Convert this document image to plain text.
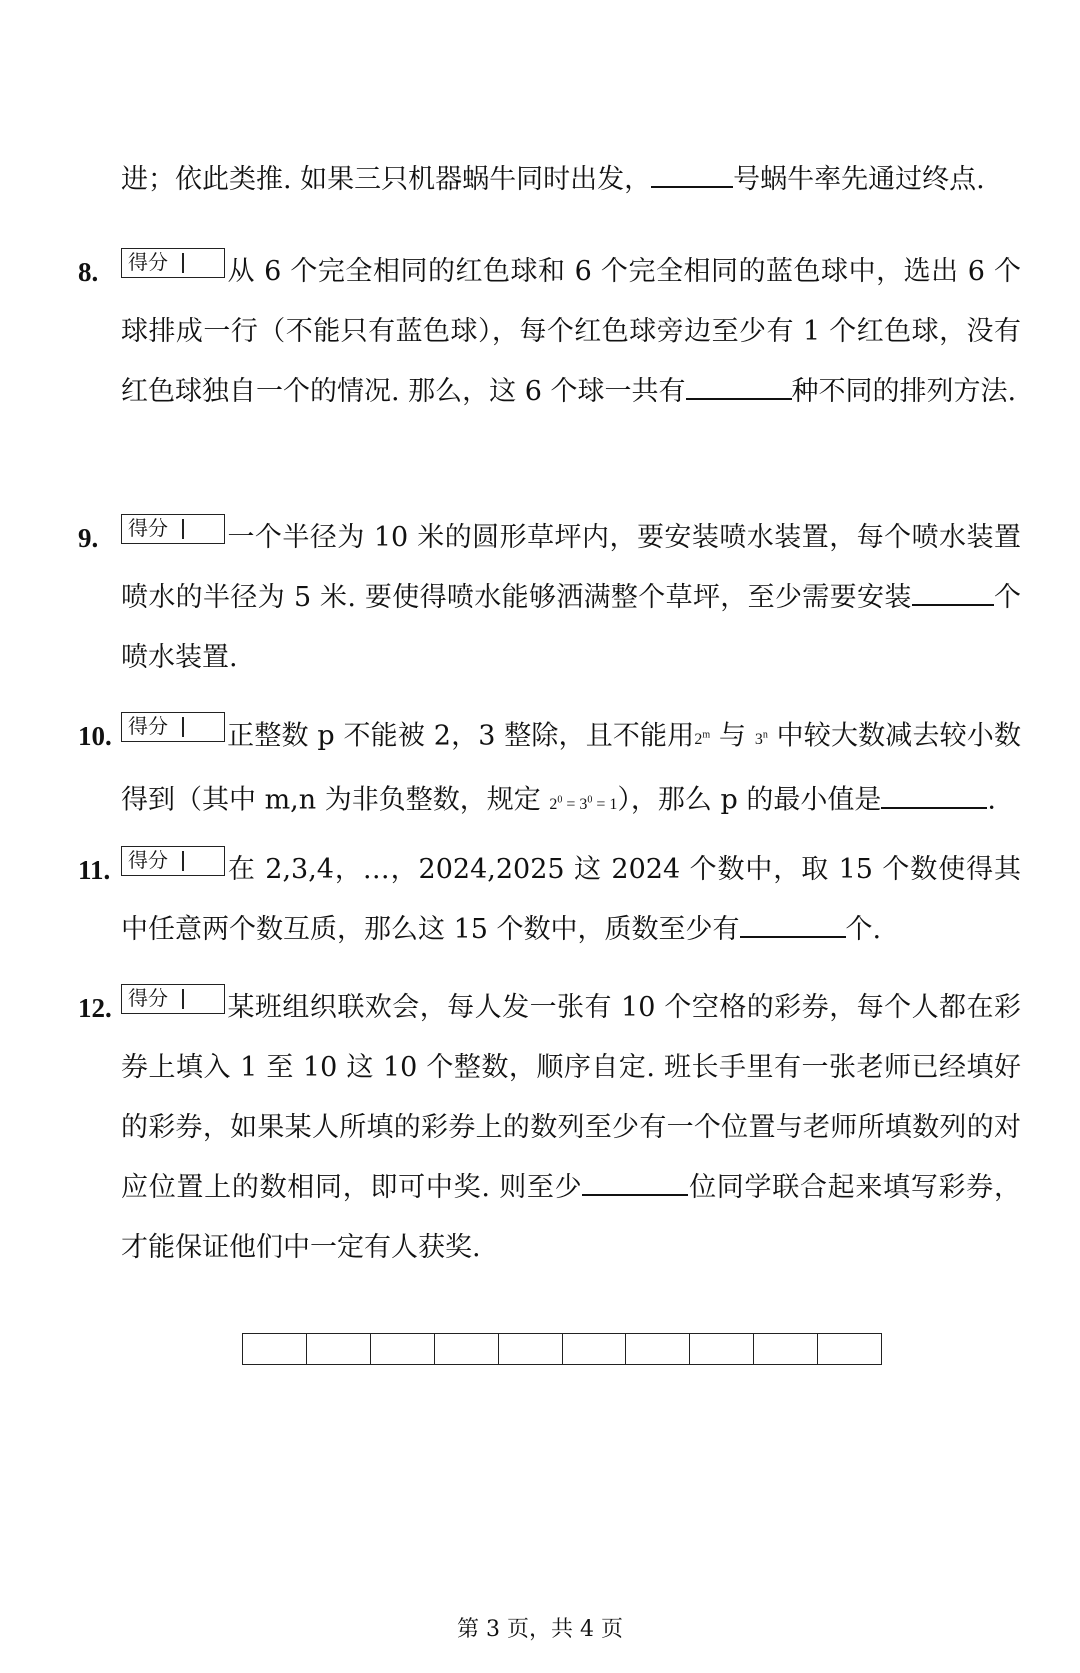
进；依此类推. 如果三只机器蜗牛同时出发，	号蜗牛率先通过终点.
8. 得分 从 6 个完全相同的红色球和 6 个完全相同的蓝色球中，选出 6 个球排成一行（不能只有蓝色球），每个红色球旁边至少有 1 个红色球，没有红色球独自一个的情况. 那么，这 6 个球一共有	种不同的排列方法.
9. 得分 一个半径为 10 米的圆形草坪内，要安装喷水装置，每个喷水装置喷水的半径为 5 米. 要使得喷水能够洒满整个草坪，至少需要安装	个喷水装置.
10. 得分 正整数 p 不能被 2，3 整除，且不能用2$^m$ 与 3$^n$ 中较大数减去较小数得到（其中 m,n 为非负整数，规定 $2^0 = 3^0 = 1$），那么 p 的最小值是	.
11. 得分 在 2,3,4，…，2024,2025 这 2024 个数中，取 15 个数使得其中任意两个数互质，那么这 15 个数中，质数至少有	个.
12. 得分 某班组织联欢会，每人发一张有 10 个空格的彩券，每个人都在彩券上填入 1 至 10 这 10 个整数，顺序自定. 班长手里有一张老师已经填好的彩券，如果某人所填的彩券上的数列至少有一个位置与老师所填数列的对应位置上的数相同，即可中奖. 则至少	位同学联合起来填写彩券，才能保证他们中一定有人获奖.
第 3 页，共 4 页
